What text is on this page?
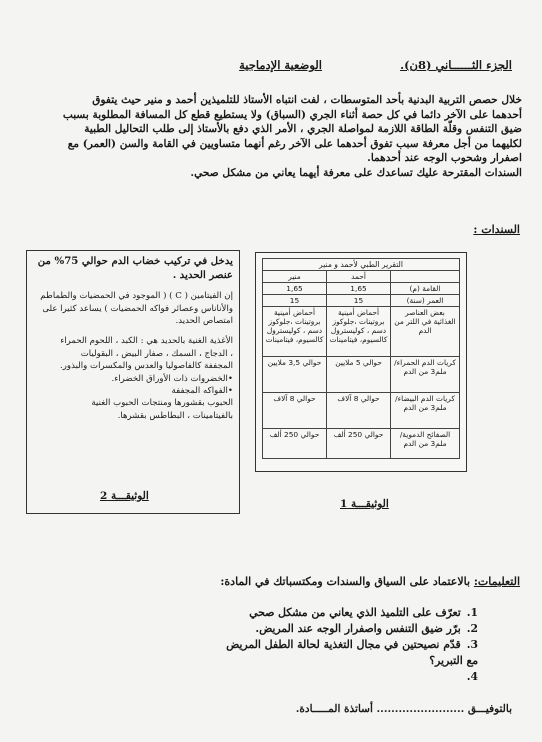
الجزء الثــــــاني (8ن).
الوضعية الإدماجية

خلال حصص التربية البدنية بأحد المتوسطات ، لفت انتباه الأستاذ للتلميذين أحمد و منير حيث يتفوق

أحدهما على الآخر دائما في كل حصة أثناء الجري (السباق) ولا يستطيع قطع كل المسافة المطلوبة بسبب

ضيق التنفس وقلّة الطاقة اللازمة لمواصلة الجري ، الأمر الذي دفع بالأستاذ إلى طلب التحاليل الطبية

لكليهما من أجل معرفة سبب تفوق أحدهما على الآخر رغم أنهما متساويين في القامة والسن (العمر) مع

اصفرار وشحوب الوجه عند أحدهما.

السندات المقترحة عليك تساعدك على معرفة أيهما يعاني من مشكل صحي.

السندات :
التقرير الطبي لأحمد و منير		
	أحمد	منير
القامة (م)	1,65	1,65
العمر (سنة)	15	15
بعض العناصر الغذائية في اللتر من الدم	أحماض أمينية بروتينات ،جلوكوز دسم ، كوليسترول كالسيوم، فيتامينات	أحماض أمينية بروتينات ،جلوكوز دسم ، كوليسترول كالسيوم، فيتامينات
كريات الدم الحمراء/ملم3 من الدم	حوالي 5 ملايين	حوالي 3,5 ملايين
كريات الدم البيضاء/ملم3 من الدم	حوالي 8 آلاف	حوالي 8 آلاف
الصفائح الدموية/ملم3 من الدم	حوالي 250 ألف	حوالي 250 ألف
الوثيقـــة 1

يدخل في تركيب خضاب الدم حوالي 75% من عنصر الحديد .

إن الفيتامين ( C ) ( الموجود في الحمضيات والطماطم والأناناس وعصائر فواكه الحمضيات ) يساعد كثيرا على امتصاص الحديد.

الأغذية الغنية بالحديد هي : الكبد ، اللحوم الحمراء
، الدجاج ، السمك ، صفار البيض ، البقوليات
المجففة كالفاصوليا والعدس والمكسرات والبذور.
•الخضروات ذات الأوراق الخضراء.
•الفواكه المجففة
الحبوب بقشورها ومنتجات الحبوب الغنية
بالفيتامينات ، البطاطس بقشرها.
الوثيقـــة 2
التعليمات: باﻻعتماد على السياق والسندات ومكتسباتك في المادة:
1.تعرّف على التلميذ الذي يعاني من مشكل صحي
2.برّر ضيق التنفس واصفرار الوجه عند المريض.
3.قدّم نصيحتين في مجال التغذية لحالة الطفل المريض مع التبرير؟
4.
بالتوفيـــق ........................ أساتذة المـــــادة.
